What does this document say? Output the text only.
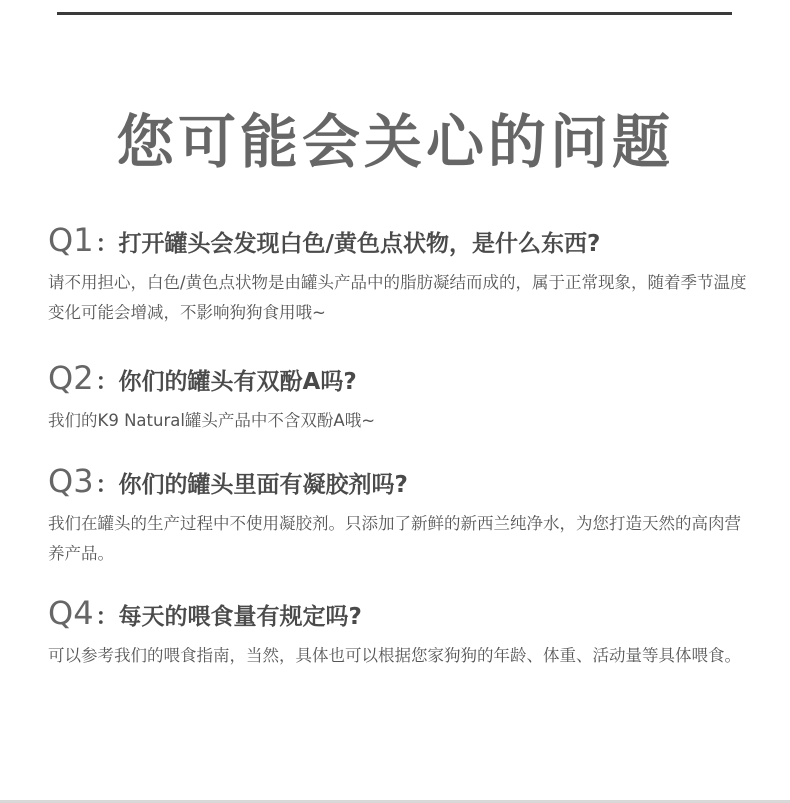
您可能会关心的问题
Q1 ：打开罐头会发现白色/黄色点状物，是什么东西?
请不用担心，白色/黄色点状物是由罐头产品中的脂肪凝结而成的，属于正常现象，随着季节温度变化可能会增减，不影响狗狗食用哦~
Q2 ：你们的罐头有双酚A吗?
我们的K9 Natural罐头产品中不含双酚A哦~
Q3 ：你们的罐头里面有凝胶剂吗?
我们在罐头的生产过程中不使用凝胶剂。只添加了新鲜的新西兰纯净水，为您打造天然的高肉营养产品。
Q4 ：每天的喂食量有规定吗?
可以参考我们的喂食指南，当然，具体也可以根据您家狗狗的年龄、体重、活动量等具体喂食。
